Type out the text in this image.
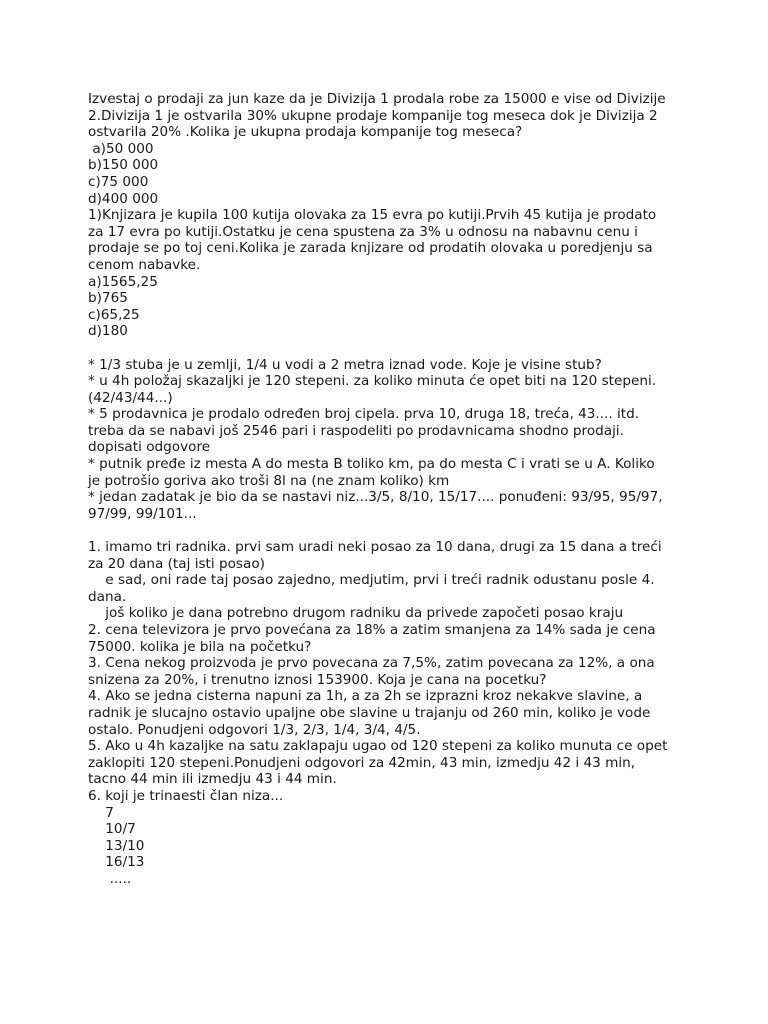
Izvestaj o prodaji za jun kaze da je Divizija 1 prodala robe za 15000 e vise od Divizije
2.Divizija 1 je ostvarila 30% ukupne prodaje kompanije tog meseca dok je Divizija 2
ostvarila 20% .Kolika je ukupna prodaja kompanije tog meseca?
a)50 000
b)150 000
c)75 000
d)400 000
1)Knjizara je kupila 100 kutija olovaka za 15 evra po kutiji.Prvih 45 kutija je prodato
za 17 evra po kutiji.Ostatku je cena spustena za 3% u odnosu na nabavnu cenu i
prodaje se po toj ceni.Kolika je zarada knjizare od prodatih olovaka u poredjenju sa
cenom nabavke.
a)1565,25
b)765
c)65,25
d)180
* 1/3 stuba je u zemlji, 1/4 u vodi a 2 metra iznad vode. Koje je visine stub?
* u 4h položaj skazaljki je 120 stepeni. za koliko minuta će opet biti na 120 stepeni.
(42/43/44...)
* 5 prodavnica je prodalo određen broj cipela. prva 10, druga 18, treća, 43.... itd.
treba da se nabavi još 2546 pari i raspodeliti po prodavnicama shodno prodaji.
dopisati odgovore
* putnik pređe iz mesta A do mesta B toliko km, pa do mesta C i vrati se u A. Koliko
je potrošio goriva ako troši 8l na (ne znam koliko) km
* jedan zadatak je bio da se nastavi niz...3/5, 8/10, 15/17.... ponuđeni: 93/95, 95/97,
97/99, 99/101...
1. imamo tri radnika. prvi sam uradi neki posao za 10 dana, drugi za 15 dana a treći
za 20 dana (taj isti posao)
e sad, oni rade taj posao zajedno, medjutim, prvi i treći radnik odustanu posle 4.
dana.
još koliko je dana potrebno drugom radniku da privede započeti posao kraju
2. cena televizora je prvo povećana za 18% a zatim smanjena za 14% sada je cena
75000. kolika je bila na početku?
3. Cena nekog proizvoda je prvo povecana za 7,5%, zatim povecana za 12%, a ona
snizena za 20%, i trenutno iznosi 153900. Koja je cana na pocetku?
4. Ako se jedna cisterna napuni za 1h, a za 2h se izprazni kroz nekakve slavine, a
radnik je slucajno ostavio upaljne obe slavine u trajanju od 260 min, koliko je vode
ostalo. Ponudjeni odgovori 1/3, 2/3, 1/4, 3/4, 4/5.
5. Ako u 4h kazaljke na satu zaklapaju ugao od 120 stepeni za koliko munuta ce opet
zaklopiti 120 stepeni.Ponudjeni odgovori za 42min, 43 min, izmedju 42 i 43 min,
tacno 44 min ili izmedju 43 i 44 min.
6. koji je trinaesti član niza...
7
10/7
13/10
16/13
.....
